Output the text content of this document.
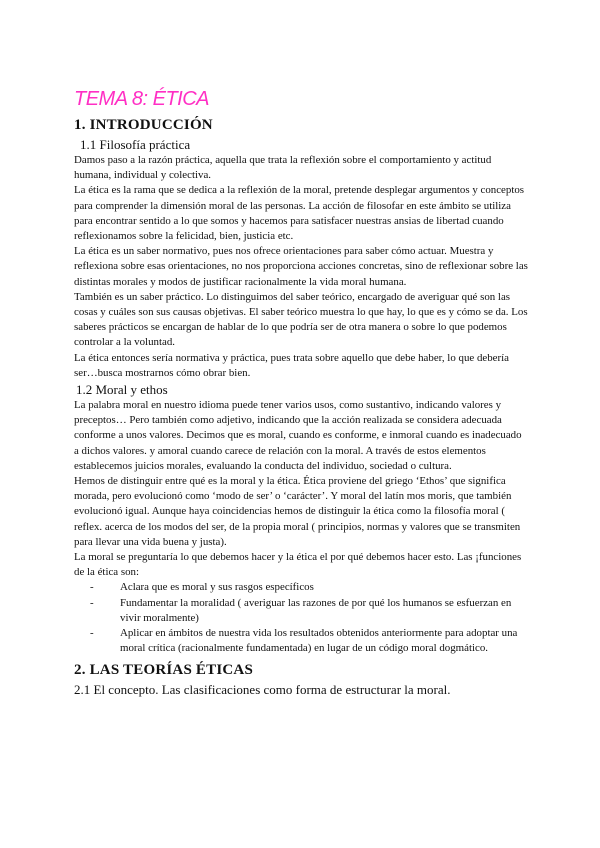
TEMA 8: ÉTICA
1. INTRODUCCIÓN
1.1 Filosofía práctica

Damos paso a la razón práctica, aquella que trata la reflexión sobre el comportamiento y actitud humana, individual y colectiva.

La ética es la rama que se dedica a la reflexión de la moral, pretende desplegar argumentos y conceptos para comprender la dimensión moral de las personas. La acción de filosofar en este ámbito se utiliza para encontrar sentido a lo que somos y hacemos para satisfacer nuestras ansias de libertad cuando reflexionamos sobre la felicidad, bien, justicia etc.

La ética es un saber normativo, pues nos ofrece orientaciones para saber cómo actuar. Muestra y reflexiona sobre esas orientaciones, no nos proporciona acciones concretas, sino de reflexionar sobre las distintas morales y modos de justificar racionalmente la vida moral humana.

También es un saber práctico. Lo distinguimos del saber teórico, encargado de averiguar qué son las cosas y cuáles son sus causas objetivas. El saber teórico muestra lo que hay, lo que es y cómo se da. Los saberes prácticos se encargan de hablar de lo que podría ser de otra manera o sobre lo que podemos controlar a la voluntad.

La ética entonces sería normativa y práctica, pues trata sobre aquello que debe haber, lo que debería ser…busca mostrarnos cómo obrar bien.

1.2 Moral y ethos

La palabra moral en nuestro idioma puede tener varios usos, como sustantivo, indicando valores y preceptos… Pero también como adjetivo, indicando que la acción realizada se considera adecuada conforme a unos valores. Decimos que es moral, cuando es conforme, e inmoral cuando es inadecuado a dichos valores. y amoral cuando carece de relación con la moral. A través de estos elementos establecemos juicios morales, evaluando la conducta del individuo, sociedad o cultura.

Hemos de distinguir entre qué es la moral y la ética. Ética proviene del griego ‘Ethos’ que significa morada, pero evolucionó como ‘modo de ser’ o ‘carácter’. Y moral del latín mos moris, que también evolucionó igual. Aunque haya coincidencias hemos de distinguir la ética como la filosofía moral ( reflex. acerca de los modos del ser, de la propia moral ( principios, normas y valores que se transmiten para llevar una vida buena y justa).

La moral se preguntaría lo que debemos hacer y la ética el por qué debemos hacer esto. Las ¡funciones de la ética son:

- Aclara que es moral y sus rasgos específicos
- Fundamentar la moralidad ( averiguar las razones de por qué los humanos se esfuerzan en vivir moralmente)
- Aplicar en ámbitos de nuestra vida los resultados obtenidos anteriormente para adoptar una moral crítica (racionalmente fundamentada) en lugar de un código moral dogmático.
2. LAS TEORÍAS ÉTICAS
2.1 El concepto. Las clasificaciones como forma de estructurar la moral.
